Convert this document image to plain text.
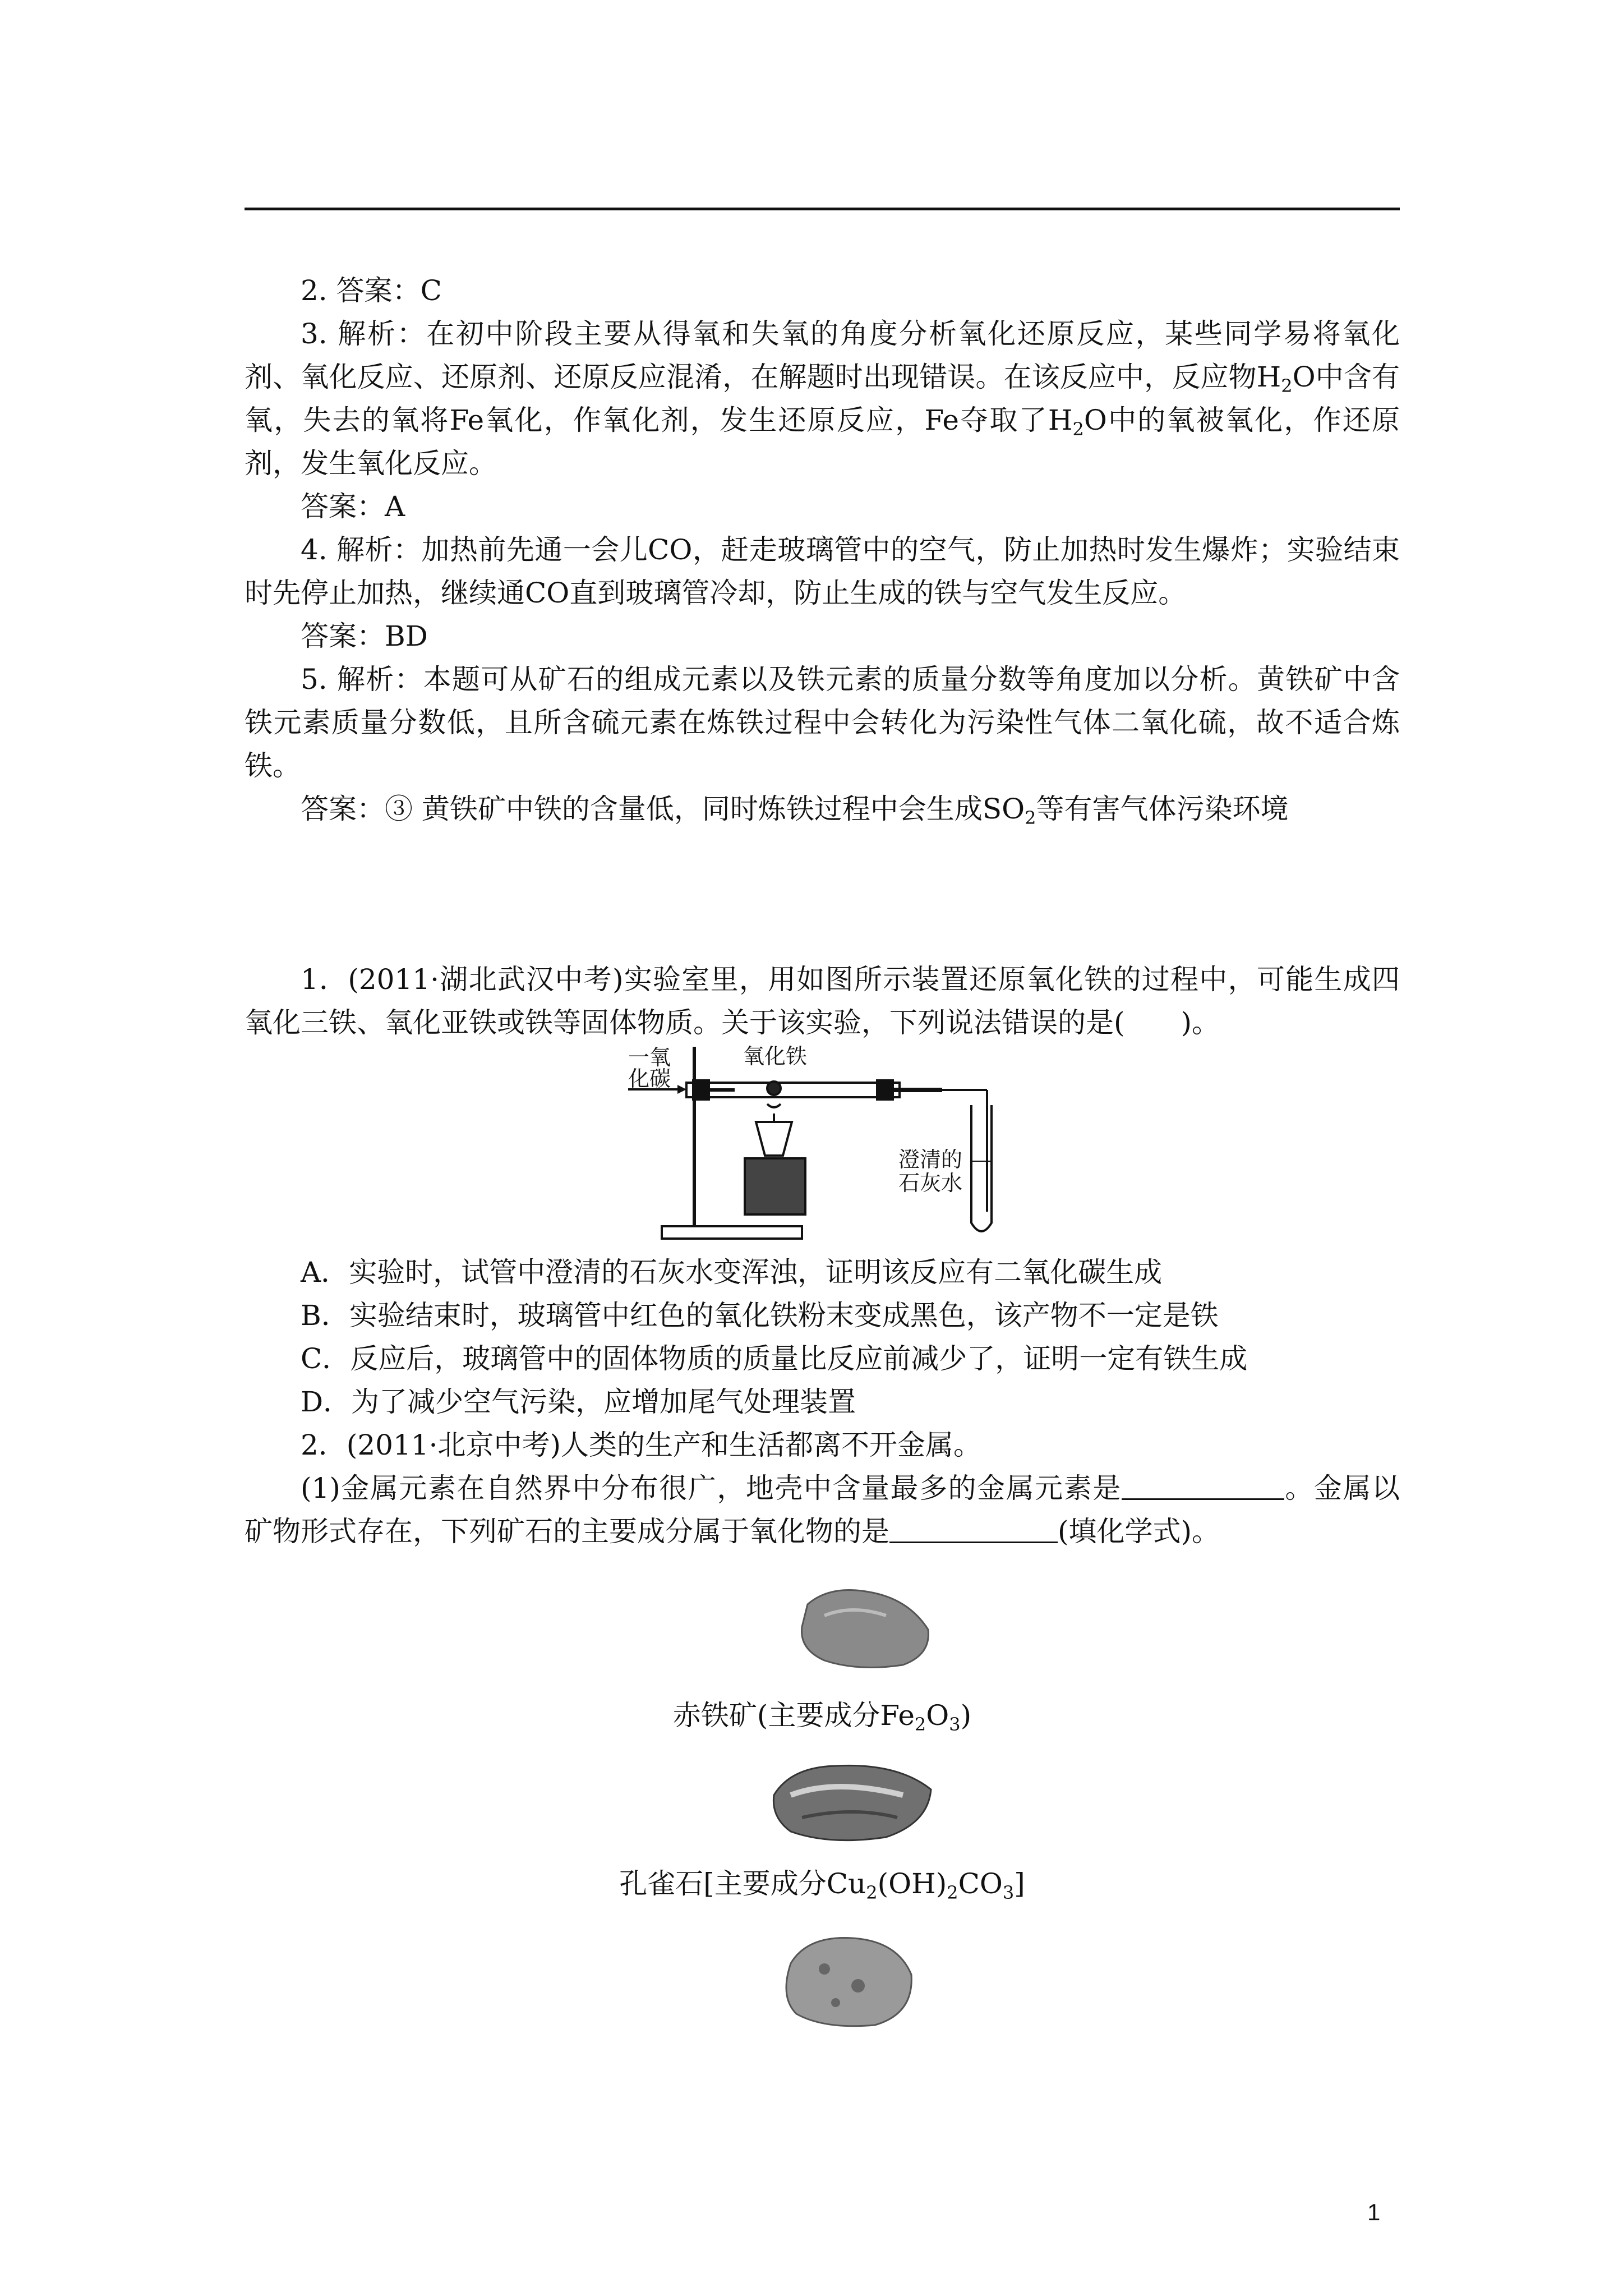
2. 答案：C

3. 解析：在初中阶段主要从得氧和失氧的角度分析氧化还原反应，某些同学易将氧化剂、氧化反应、还原剂、还原反应混淆，在解题时出现错误。在该反应中，反应物$H_2O$中含有氧，失去的氧将Fe氧化，作氧化剂，发生还原反应，Fe夺取了$H_2O$中的氧被氧化，作还原剂，发生氧化反应。

答案：A

4. 解析：加热前先通一会儿CO，赶走玻璃管中的空气，防止加热时发生爆炸；实验结束时先停止加热，继续通CO直到玻璃管冷却，防止生成的铁与空气发生反应。

答案：BD

5. 解析：本题可从矿石的组成元素以及铁元素的质量分数等角度加以分析。黄铁矿中含铁元素质量分数低，且所含硫元素在炼铁过程中会转化为污染性气体二氧化硫，故不适合炼铁。

答案：③ 黄铁矿中铁的含量低，同时炼铁过程中会生成$SO_2$等有害气体污染环境

1．(2011·湖北武汉中考)实验室里，用如图所示装置还原氧化铁的过程中，可能生成四氧化三铁、氧化亚铁或铁等固体物质。关于该实验，下列说法错误的是(　　)。

一氧
化碳
氧化铁
澄清的
石灰水

A．实验时，试管中澄清的石灰水变浑浊，证明该反应有二氧化碳生成

B．实验结束时，玻璃管中红色的氧化铁粉末变成黑色，该产物不一定是铁

C．反应后，玻璃管中的固体物质的质量比反应前减少了，证明一定有铁生成

D．为了减少空气污染，应增加尾气处理装置

2．(2011·北京中考)人类的生产和生活都离不开金属。

(1)金属元素在自然界中分布很广，地壳中含量最多的金属元素是	。金属以矿物形式存在，下列矿石的主要成分属于氧化物的是	(填化学式)。

赤铁矿(主要成分$Fe_2O_3$)
孔雀石[主要成分$Cu_2(OH)_2CO_3$]
1
